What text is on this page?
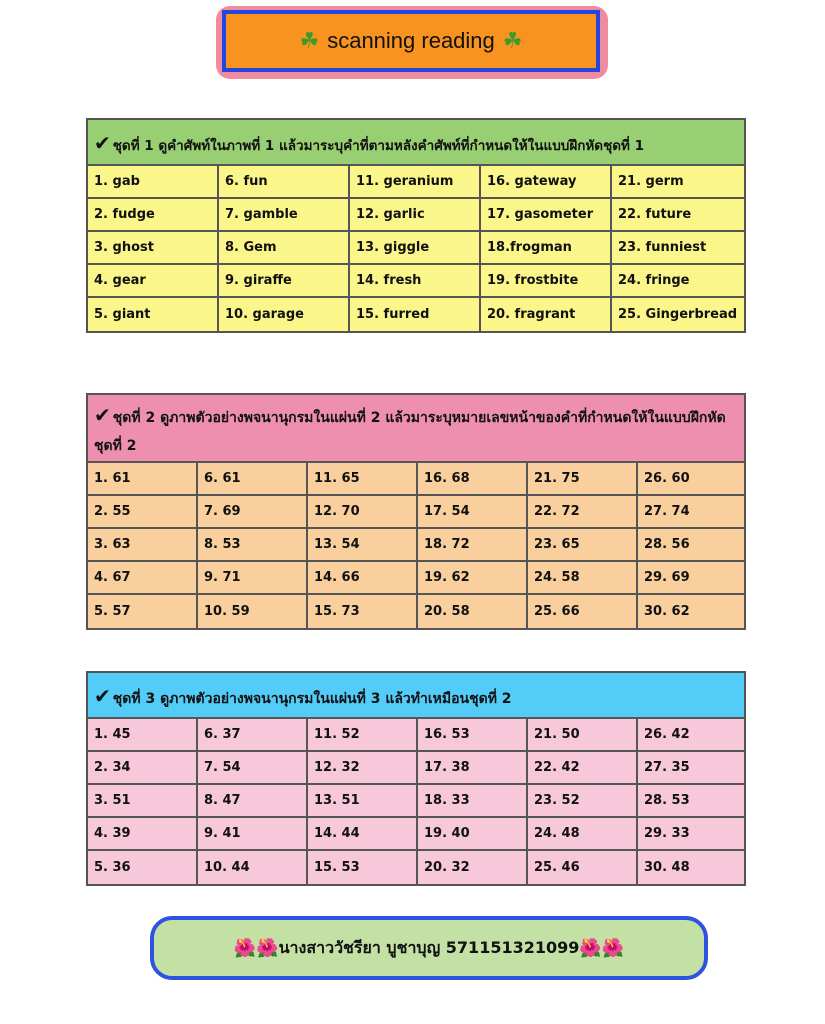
☘ scanning reading ☘
✔ ชุดที่ 1 ดูคำศัพท์ในภาพที่ 1 แล้วมาระบุคำที่ตามหลังคำศัพท์ที่กำหนดให้ในแบบฝึกหัดชุดที่ 1
1. gab	6. fun	11. geranium	16. gateway	21. germ
2. fudge	7. gamble	12. garlic	17. gasometer	22. future
3. ghost	8. Gem	13. giggle	18.frogman	23. funniest
4. gear	9. giraffe	14. fresh	19. frostbite	24. fringe
5. giant	10. garage	15. furred	20. fragrant	25. Gingerbread
✔ ชุดที่ 2 ดูภาพตัวอย่างพจนานุกรมในแผ่นที่ 2 แล้วมาระบุหมายเลขหน้าของคำที่กำหนดให้ในแบบฝึกหัดชุดที่ 2
1. 61	6. 61	11. 65	16. 68	21. 75	26. 60
2. 55	7. 69	12. 70	17. 54	22. 72	27. 74
3. 63	8. 53	13. 54	18. 72	23. 65	28. 56
4. 67	9. 71	14. 66	19. 62	24. 58	29. 69
5. 57	10. 59	15. 73	20. 58	25. 66	30. 62
✔ ชุดที่ 3 ดูภาพตัวอย่างพจนานุกรมในแผ่นที่ 3 แล้วทำเหมือนชุดที่ 2
1. 45	6. 37	11. 52	16. 53	21. 50	26. 42
2. 34	7. 54	12. 32	17. 38	22. 42	27. 35
3. 51	8. 47	13. 51	18. 33	23. 52	28. 53
4. 39	9. 41	14. 44	19. 40	24. 48	29. 33
5. 36	10. 44	15. 53	20. 32	25. 46	30. 48
🌺🌺 นางสาววัชรียา บูชาบุญ 571151321099 🌺🌺
